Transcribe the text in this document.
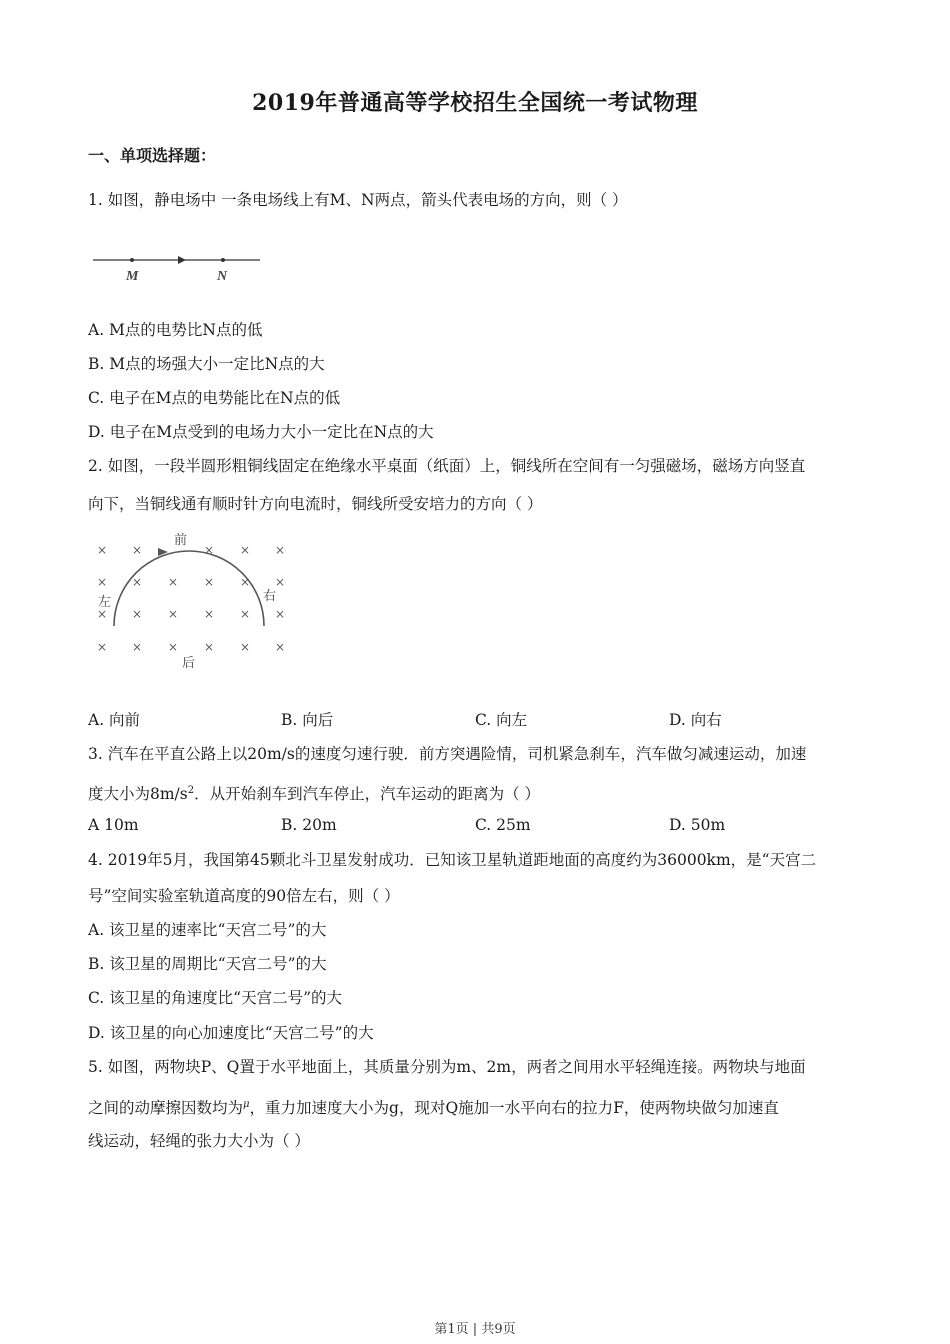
2019年普通高等学校招生全国统一考试物理
一、单项选择题：
1. 如图，静电场中 一条电场线上有M、N两点，箭头代表电场的方向，则（ ）
M	N
A. M点的电势比N点的低
B. M点的场强大小一定比N点的大
C. 电子在M点的电势能比在N点的低
D. 电子在M点受到的电场力大小一定比在N点的大
2. 如图，一段半圆形粗铜线固定在绝缘水平桌面（纸面）上，铜线所在空间有一匀强磁场，磁场方向竖直
向下，当铜线通有顺时针方向电流时，铜线所受安培力的方向（ ）
前
后
左	右
× ×	× × ×
× × × × × ×
× × × × × ×
× × × × × ×
A. 向前	B. 向后	C. 向左	D. 向右
3. 汽车在平直公路上以20m/s的速度匀速行驶．前方突遇险情，司机紧急刹车，汽车做匀减速运动，加速
度大小为$8m/s^2$．从开始刹车到汽车停止，汽车运动的距离为（ ）
A 10m	B. 20m	C. 25m	D. 50m
4. 2019年5月，我国第45颗北斗卫星发射成功．已知该卫星轨道距地面的高度约为36000km，是“天宫二
号”空间实验室轨道高度的90倍左右，则（ ）
A. 该卫星的速率比“天宫二号”的大
B. 该卫星的周期比“天宫二号”的大
C. 该卫星的角速度比“天宫二号”的大
D. 该卫星的向心加速度比“天宫二号”的大
5. 如图，两物块P、Q置于水平地面上，其质量分别为m、2m，两者之间用水平轻绳连接。两物块与地面
之间的动摩擦因数均为$^\mu$，重力加速度大小为g，现对Q施加一水平向右的拉力F，使两物块做匀加速直
线运动，轻绳的张力大小为（ ）
第1页 | 共9页
